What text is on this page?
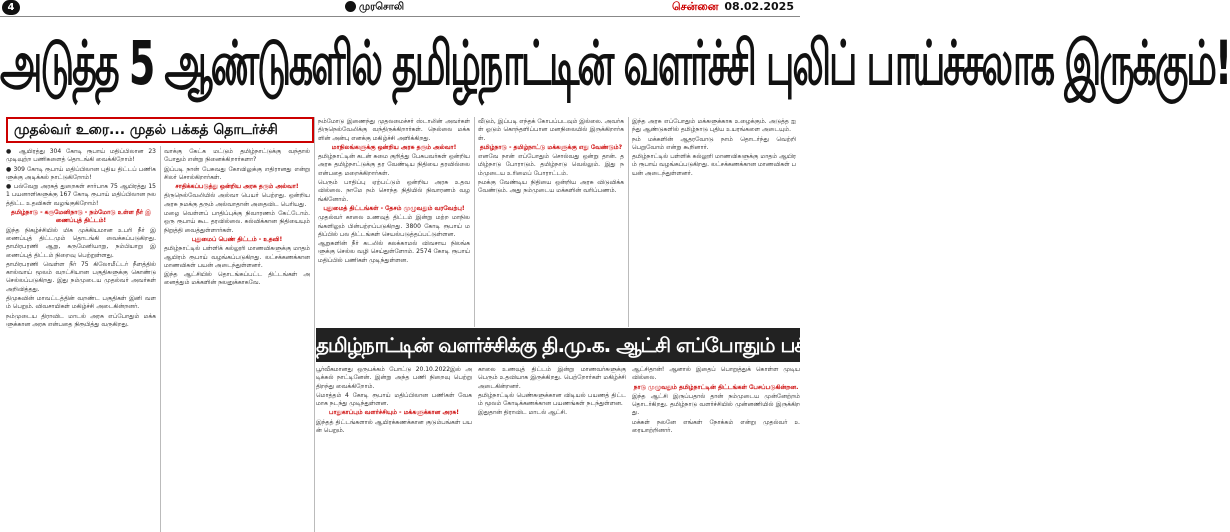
4	முரசொலி	சென்னை 08.02.2025
அடுத்த 5 ஆண்டுகளில் தமிழ்நாட்டின் வளர்ச்சி புலிப் பாய்ச்சலாக இருக்கும்!
முதல்வர் உரை... முதல் பக்கத் தொடர்ச்சி

● ஆயிரத்து 304 கோடி ரூபாய் மதிப்பிலான 23 முடிவுற்ற பணிகளைத் தொடங்கி வைக்கிறோம்!

● 309 கோடி ரூபாய் மதிப்பிலான புதிய திட்டப் பணிகளுக்கு அடிக்கல் நாட்டுகிறோம்!

● பல்வேறு அரசுத் துறைகள் சார்பாக 75 ஆயிரத்து 151 பயனாளிகளுக்கு 167 கோடி ரூபாய் மதிப்பிலான நலத்திட்ட உதவிகள் வழங்குகிறோம்!

தமிழ்நாடு - கருமேனிநாடு - நம்மோடு உள்ள நீர் இணைப்புத் திட்டம்!

இந்த நிகழ்ச்சியில் மிக முக்கியமான உபரி நீர் இணைப்புத் திட்டமும் தொடங்கி வைக்கப்படுகிறது. தாமிரபரணி ஆறு, கருமேனியாறு, நம்பியாறு இணைப்புத் திட்டம் நிறைவு பெற்றுள்ளது.

தாமிரபரணி வெள்ள நீர் 75 கிலோமீட்டர் நீளத்தில் கால்வாய் மூலம் வறட்சியான பகுதிகளுக்கு கொண்டு செல்லப்படுகிறது. இது நம்முடைய முதல்வர் அவர்கள் அறிவித்தது.

திமுகவின் மாவட்டத்தின் வறண்ட பகுதிகள் இனி வளம் பெறும். விவசாயிகள் மகிழ்ச்சி அடைகின்றனர்.

நம்முடைய திராவிட மாடல் அரசு எப்போதும் மக்களுக்கான அரசு என்பதை நிரூபித்து வருகிறது.

வாக்கு கேட்க மட்டும் தமிழ்நாட்டுக்கு வந்தால் போதும் என்று நினைக்கிறார்களா?

இப்படி நான் பேசுவது கோவிலுக்கு எதிரானது என்று சிலர் சொல்கிறார்கள்.

சாதிக்கப்படுத்து ஒன்றிய அரசு தரும் அல்வா!

திருநெல்வேலியில் அல்வா பெயர் பெற்றது. ஒன்றிய அரசு நமக்கு தரும் அல்வாதான் அதைவிட பெரியது.

மழை வெள்ளப் பாதிப்புக்கு நிவாரணம் கேட்டோம். ஒரு ரூபாய் கூட தரவில்லை. கல்விக்கான நிதியையும் நிறுத்தி வைத்துள்ளார்கள்.

புதுமைப் பெண் திட்டம் - உதவி!

தமிழ்நாட்டில் பள்ளிக் கல்லூரி மாணவிகளுக்கு மாதம் ஆயிரம் ரூபாய் வழங்கப்படுகிறது. லட்சக்கணக்கான மாணவிகள் பயன் அடைந்துள்ளனர்.

இந்த ஆட்சியில் தொடங்கப்பட்ட திட்டங்கள் அனைத்தும் மக்களின் நலனுக்காகவே.

நம்மோடு இணைந்து முதலமைச்சர் ஸ்டாலின் அவர்கள் திருநெல்வேலிக்கு வந்திருக்கிறார்கள். நெல்லை மக்களின் அன்பு எனக்கு மகிழ்ச்சி அளிக்கிறது.

மாநிலங்களுக்கு ஒன்றிய அரசு தரும் அல்வா!

தமிழ்நாட்டின் கடன் சுமை குறித்து பேசுபவர்கள் ஒன்றிய அரசு தமிழ்நாட்டுக்கு தர வேண்டிய நிதியை தரவில்லை என்பதை மறைக்கிறார்கள்.

பெரும் பாதிப்பு ஏற்பட்டும் ஒன்றிய அரசு உதவவில்லை. நாமே நம் சொந்த நிதியில் நிவாரணம் வழங்கினோம்.

புதுமைத் திட்டங்கள் - தேசம் முழுவதும் வரவேற்பு!

முதல்வர் காலை உணவுத் திட்டம் இன்று மற்ற மாநிலங்களிலும் பின்பற்றப்படுகிறது. 3800 கோடி ரூபாய் மதிப்பில் பல திட்டங்கள் செயல்படுத்தப்பட்டுள்ளன.

ஆறுகளின் நீர் கடலில் கலக்காமல் விவசாய நிலங்களுக்கு செல்ல வழி செய்துள்ளோம். 2574 கோடி ரூபாய் மதிப்பில் பணிகள் முடிந்துள்ளன.

வீடும், இப்படி எந்தக் கோபப்படவும் இல்லை. அவர்கள் ஓடும் கொந்தளிப்பான மனநிலையில் இருக்கிறார்கள்.

தமிழ்நாடு - தமிழ்நாட்டு மக்களுக்கு எது வேண்டும்?

எனவே நான் எப்போதும் சொல்வது ஒன்று தான். தமிழ்நாடு போராடும். தமிழ்நாடு வெல்லும். இது நம்முடைய உரிமைப் போராட்டம்.

நமக்கு வேண்டிய நிதியை ஒன்றிய அரசு விடுவிக்க வேண்டும். அது நம்முடைய மக்களின் வரிப்பணம்.

இந்த அரசு எப்போதும் மக்களுக்காக உழைக்கும். அடுத்த ஐந்து ஆண்டுகளில் தமிழ்நாடு புதிய உயரங்களை அடையும்.

நம் மக்களின் ஆதரவோடு நாம் தொடர்ந்து வெற்றி பெறுவோம் என்று கூறினார்.

தமிழ்நாட்டில் பள்ளிக் கல்லூரி மாணவிகளுக்கு மாதம் ஆயிரம் ரூபாய் வழங்கப்படுகிறது. லட்சக்கணக்கான மாணவிகள் பயன் அடைந்துள்ளனர்.

தமிழ்நாட்டின் வளர்ச்சிக்கு தி.மு.க. ஆட்சி எப்போதும் பக்கபலமாக இருக்கும்!

பூர்வீகமானது ஒருபக்கம் போட்டு 20.10.2022இல் அடிக்கல் நாட்டினேன். இன்று அந்த பணி நிறைவு பெற்று திறந்து வைக்கிறோம்.

மொத்தம் 4 கோடி ரூபாய் மதிப்பிலான பணிகள் வேகமாக நடந்து முடிந்துள்ளன.

பாதுகாப்பும் வளர்ச்சியும் - மக்களுக்கான அரசு!

இந்தத் திட்டங்களால் ஆயிரக்கணக்கான குடும்பங்கள் பயன் பெறும்.

காலை உணவுத் திட்டம் இன்று மாணவர்களுக்கு பெரும் உதவியாக இருக்கிறது. பெற்றோர்கள் மகிழ்ச்சி அடைகின்றனர்.

தமிழ்நாட்டில் பெண்களுக்கான விடியல் பயணத் திட்டம் மூலம் கோடிக்கணக்கான பயணங்கள் நடந்துள்ளன.

இதுதான் திராவிட மாடல் ஆட்சி.

ஆட்சிதான்! ஆனால் இதைப் பொறுத்துக் கொள்ள முடியவில்லை.

நாடு முழுவதும் தமிழ்நாட்டின் திட்டங்கள் பேசப்படுகின்றன.

இந்த ஆட்சி இருப்பதால் தான் நம்முடைய முன்னேற்றம் தொடர்கிறது. தமிழ்நாடு வளர்ச்சியில் முன்னணியில் இருக்கிறது.

மக்கள் நலனே எங்கள் நோக்கம் என்று முதல்வர் உரையாற்றினார்.
